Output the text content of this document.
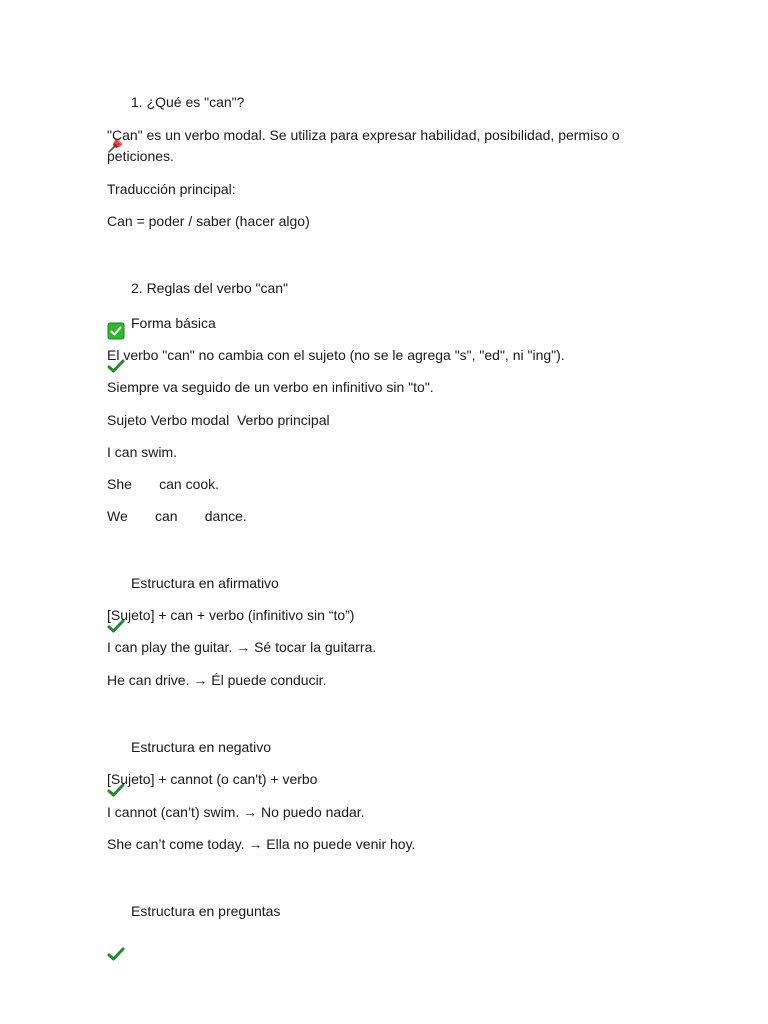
1. ¿Qué es "can"?
"Can" es un verbo modal. Se utiliza para expresar habilidad, posibilidad, permiso o peticiones.
Traducción principal:
Can = poder / saber (hacer algo)

2. Reglas del verbo "can"

Forma básica
El verbo "can" no cambia con el sujeto (no se le agrega "s", "ed", ni "ing").
Siempre va seguido de un verbo en infinitivo sin "to".
Sujeto Verbo modal  Verbo principal
I can swim.
She       can cook.
We       can       dance.

Estructura en afirmativo
[Sujeto] + can + verbo (infinitivo sin “to”)
I can play the guitar. → Sé tocar la guitarra.
He can drive. → Él puede conducir.

Estructura en negativo
[Sujeto] + cannot (o can't) + verbo
I cannot (can’t) swim. → No puedo nadar.
She can’t come today. → Ella no puede venir hoy.

Estructura en preguntas
